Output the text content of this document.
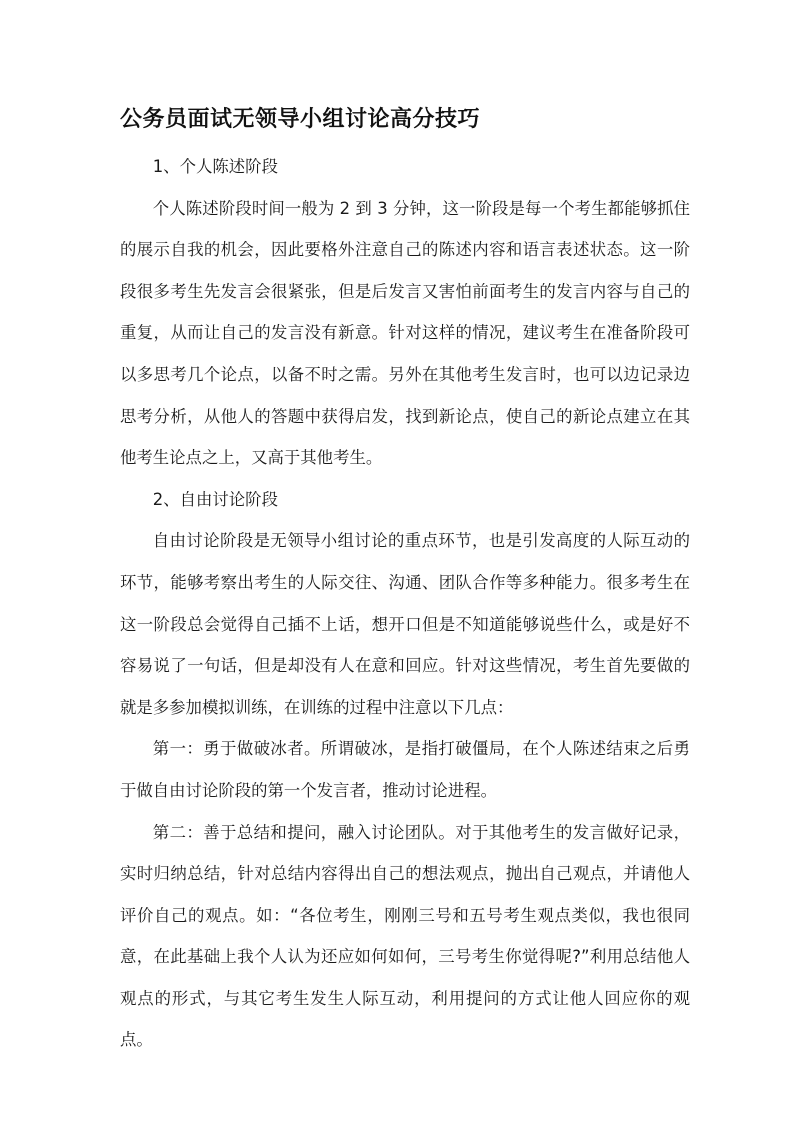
公务员面试无领导小组讨论高分技巧

1、个人陈述阶段

个人陈述阶段时间一般为 2 到 3 分钟，这一阶段是每一个考生都能够抓住的展示自我的机会，因此要格外注意自己的陈述内容和语言表述状态。这一阶段很多考生先发言会很紧张，但是后发言又害怕前面考生的发言内容与自己的重复，从而让自己的发言没有新意。针对这样的情况，建议考生在准备阶段可以多思考几个论点，以备不时之需。另外在其他考生发言时，也可以边记录边思考分析，从他人的答题中获得启发，找到新论点，使自己的新论点建立在其他考生论点之上，又高于其他考生。

2、自由讨论阶段

自由讨论阶段是无领导小组讨论的重点环节，也是引发高度的人际互动的环节，能够考察出考生的人际交往、沟通、团队合作等多种能力。很多考生在这一阶段总会觉得自己插不上话，想开口但是不知道能够说些什么，或是好不容易说了一句话，但是却没有人在意和回应。针对这些情况，考生首先要做的就是多参加模拟训练，在训练的过程中注意以下几点：

第一：勇于做破冰者。所谓破冰，是指打破僵局，在个人陈述结束之后勇于做自由讨论阶段的第一个发言者，推动讨论进程。

第二：善于总结和提问，融入讨论团队。对于其他考生的发言做好记录，实时归纳总结，针对总结内容得出自己的想法观点，抛出自己观点，并请他人评价自己的观点。如：“各位考生，刚刚三号和五号考生观点类似，我也很同意，在此基础上我个人认为还应如何如何，三号考生你觉得呢?”利用总结他人观点的形式，与其它考生发生人际互动，利用提问的方式让他人回应你的观点。
